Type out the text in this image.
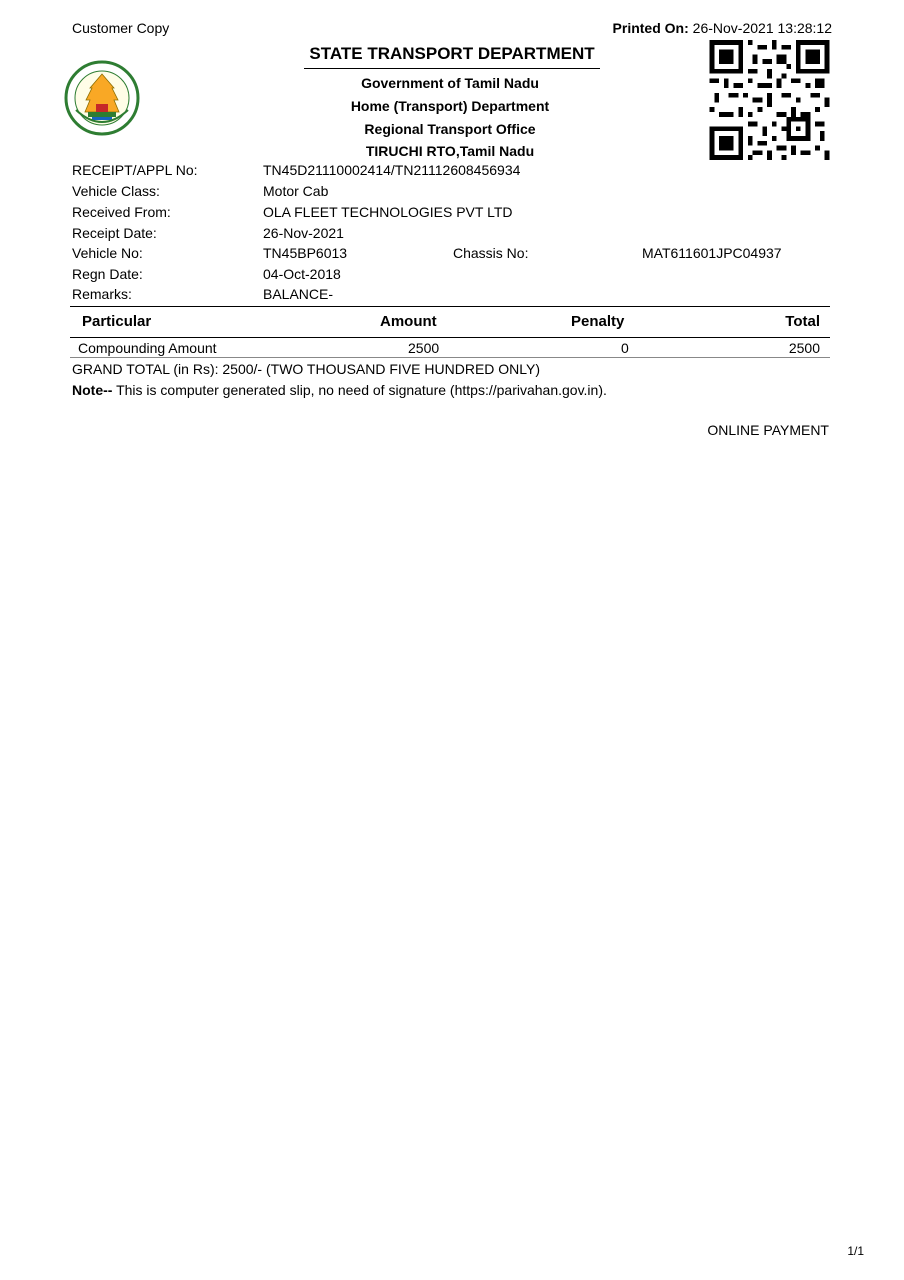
Customer Copy	Printed On: 26-Nov-2021 13:28:12
STATE TRANSPORT DEPARTMENT
Government of Tamil Nadu
Home (Transport) Department
Regional Transport Office
TIRUCHI RTO,Tamil Nadu
RECEIPT/APPL No:	TN45D21110002414/TN21112608456934
Vehicle Class:	Motor Cab
Received From:	OLA FLEET TECHNOLOGIES PVT LTD
Receipt Date:	26-Nov-2021
Vehicle No:	TN45BP6013	Chassis No:	MAT611601JPC04937
Regn Date:	04-Oct-2018
Remarks:	BALANCE-
Particular	Amount	Penalty	Total
Compounding Amount	2500	0	2500
GRAND TOTAL (in Rs): 2500/- (TWO THOUSAND FIVE HUNDRED ONLY)
Note-- This is computer generated slip, no need of signature (https://parivahan.gov.in).
ONLINE PAYMENT
1/1
